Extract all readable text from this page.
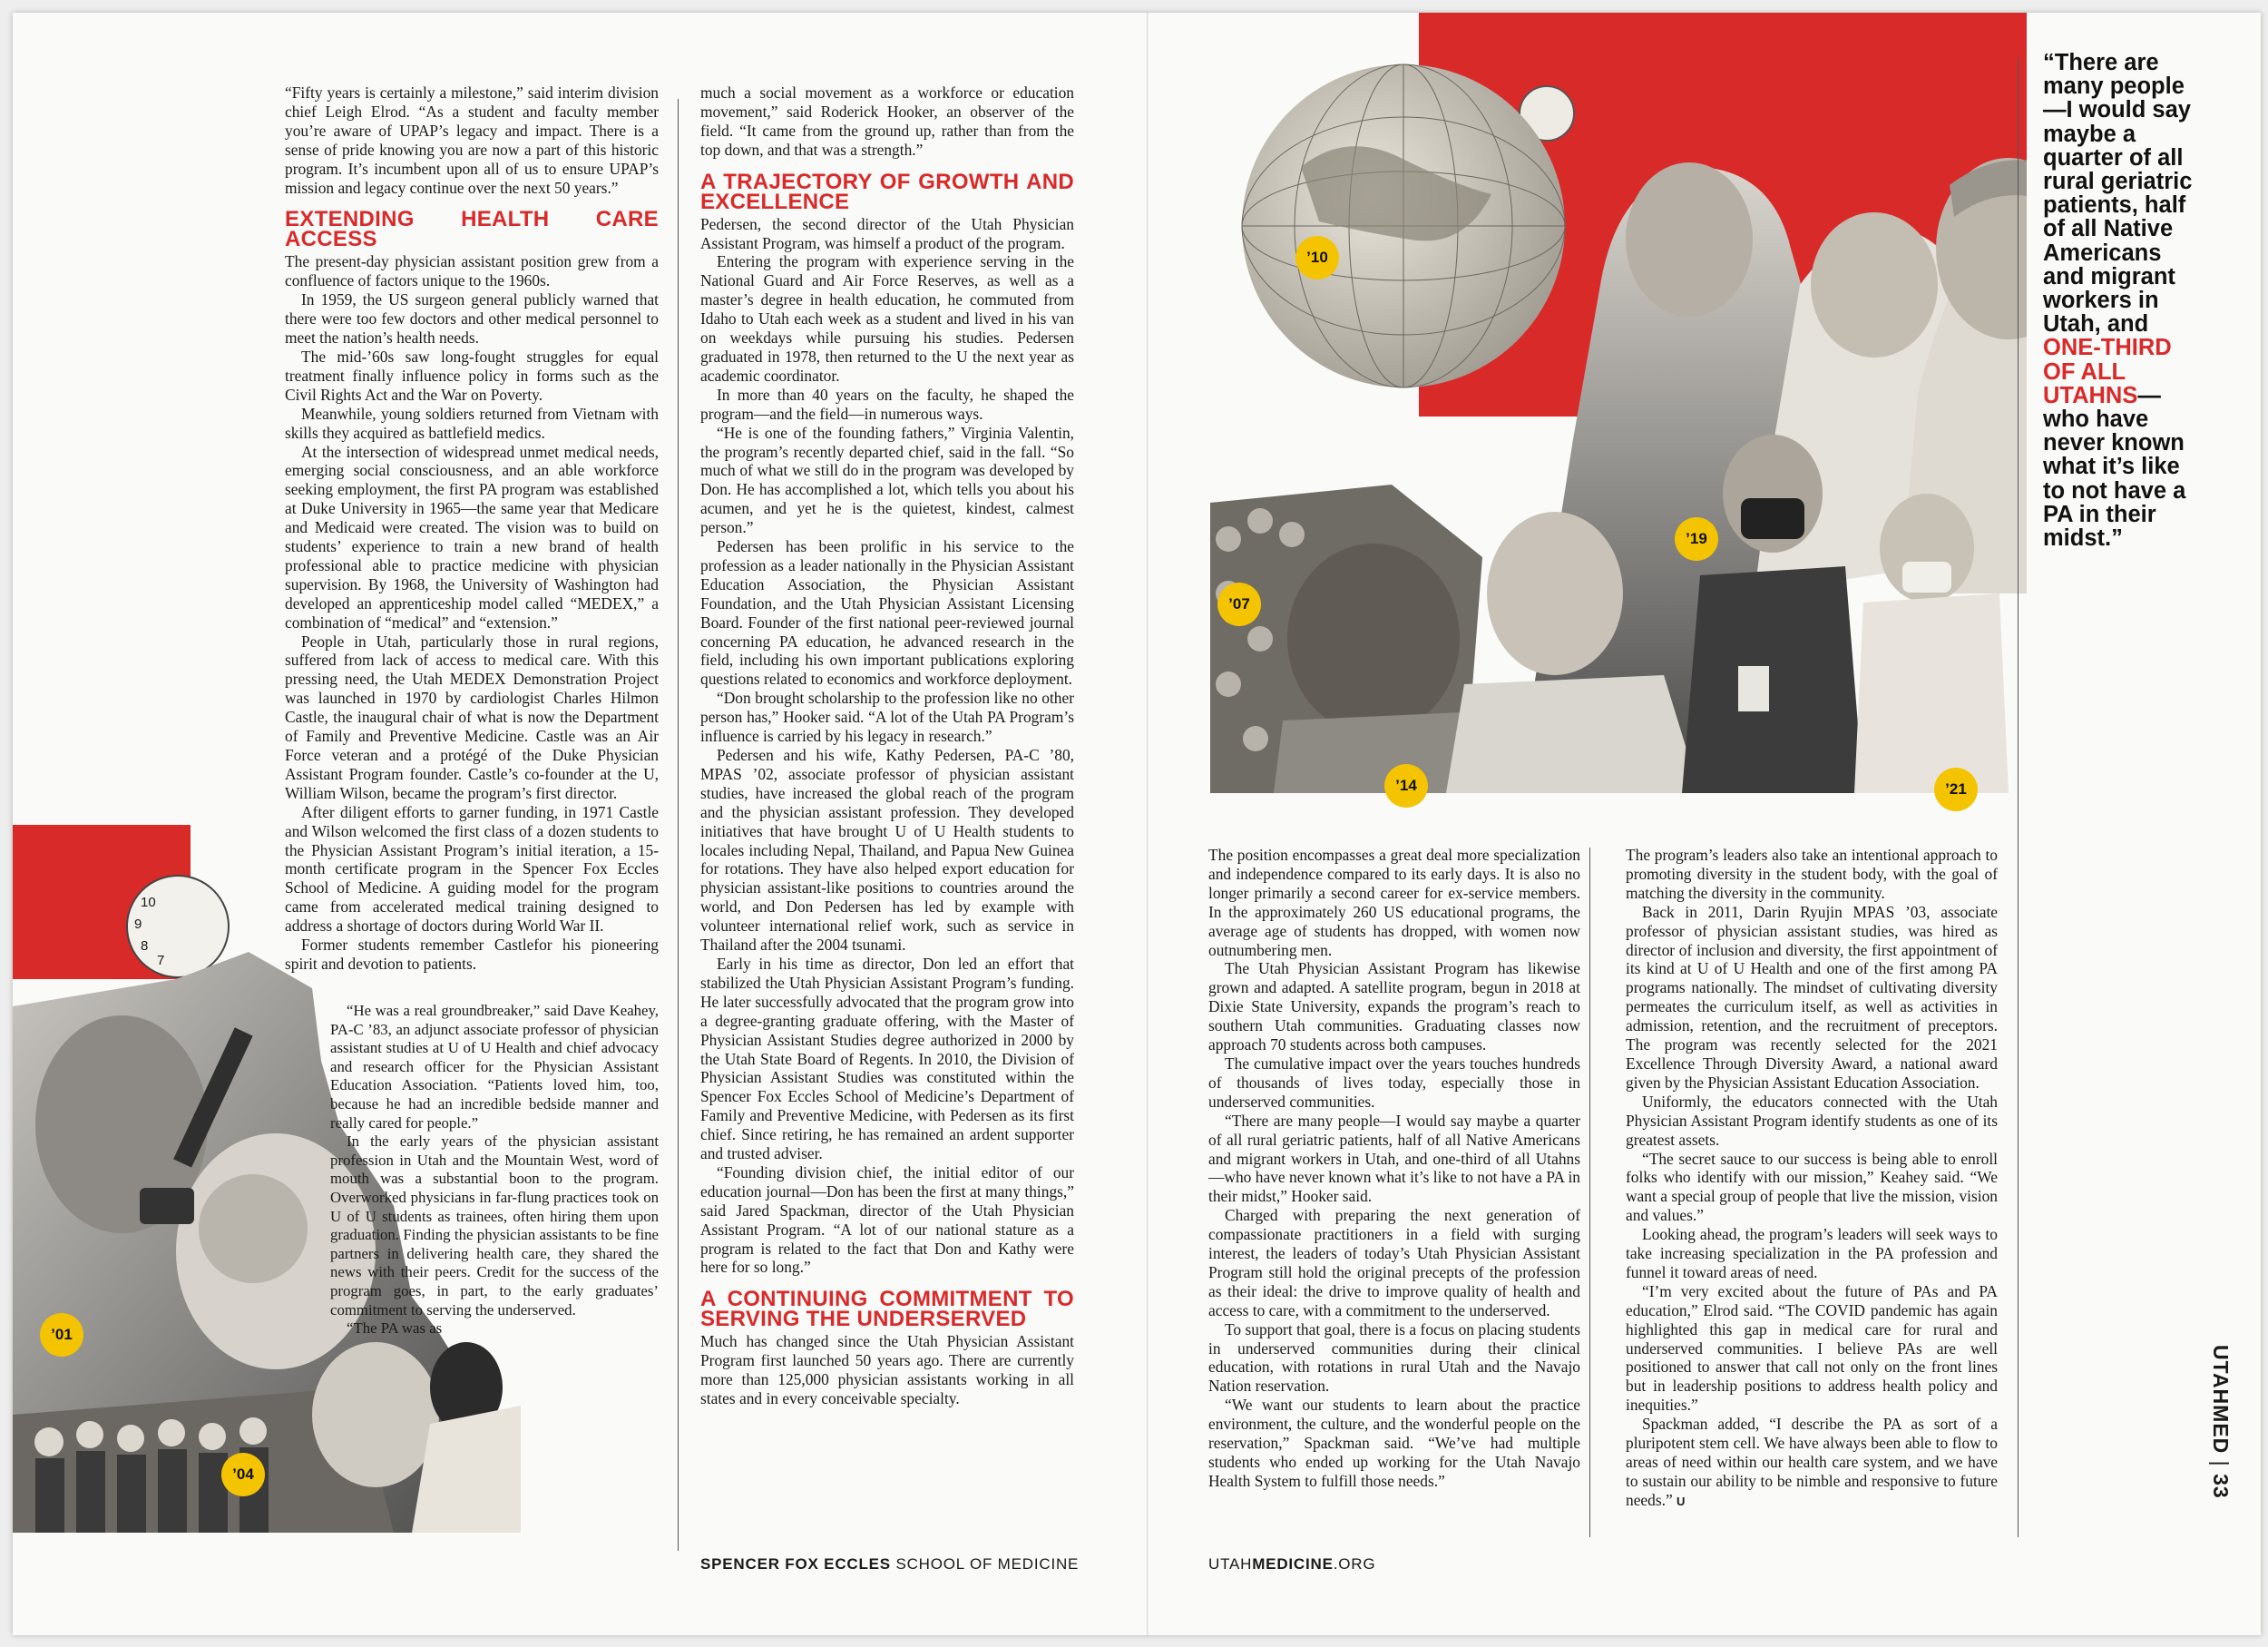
10
9
8
7
’01
’04
’10
’19
’07
’14	’21

“Fifty years is certainly a milestone,” said interim division chief Leigh Elrod. “As a student and faculty member you’re aware of UPAP’s legacy and impact. There is a sense of pride knowing you are now a part of this historic program. It’s incumbent upon all of us to ensure UPAP’s mission and legacy continue over the next 50 years.”

EXTENDING HEALTH CARE ACCESS

The present-day physician assistant position grew from a confluence of factors unique to the 1960s.

In 1959, the US surgeon general publicly warned that there were too few doctors and other medical personnel to meet the nation’s health needs.

The mid-’60s saw long-fought struggles for equal treatment finally influence policy in forms such as the Civil Rights Act and the War on Poverty.

Meanwhile, young soldiers returned from Vietnam with skills they acquired as battlefield medics.

At the intersection of widespread unmet medical needs, emerging social consciousness, and an able workforce seeking employment, the first PA program was established at Duke University in 1965—the same year that Medicare and Medicaid were created. The vision was to build on students’ experience to train a new brand of health professional able to practice medicine with physician supervision. By 1968, the University of Washington had developed an apprenticeship model called “MEDEX,” a combination of “medical” and “extension.”

People in Utah, particularly those in rural regions, suffered from lack of access to medical care. With this pressing need, the Utah MEDEX Demonstration Project was launched in 1970 by cardiologist Charles Hilmon Castle, the inaugural chair of what is now the Department of Family and Preventive Medicine. Castle was an Air Force veteran and a protégé of the Duke Physician Assistant Program founder. Castle’s co-founder at the U, William Wilson, became the program’s first director.

After diligent efforts to garner funding, in 1971 Castle and Wilson welcomed the first class of a dozen students to the Physician Assistant Program’s initial iteration, a 15-month certificate program in the Spencer Fox Eccles School of Medicine. A guiding model for the program came from accelerated medical training designed to address a shortage of doctors during World War II.

Former students remember Castlefor his pioneering spirit and devotion to patients.

“He was a real groundbreaker,” said Dave Keahey, PA-C ’83, an adjunct associate professor of physician assistant studies at U of U Health and chief advocacy and research officer for the Physician Assistant Education Association. “Patients loved him, too, because he had an incredible bedside manner and really cared for people.”

In the early years of the physician assistant profession in Utah and the Mountain West, word of mouth was a substantial boon to the program. Overworked physicians in far-flung practices took on U of U students as trainees, often hiring them upon graduation. Finding the physician assistants to be fine partners in delivering health care, they shared the news with their peers. Credit for the success of the program goes, in part, to the early graduates’ commitment to serving the underserved.

“The PA was as

much a social movement as a workforce or education movement,” said Roderick Hooker, an observer of the field. “It came from the ground up, rather than from the top down, and that was a strength.”

A TRAJECTORY OF GROWTH AND EXCELLENCE

Pedersen, the second director of the Utah Physician Assistant Program, was himself a product of the program.

Entering the program with experience serving in the National Guard and Air Force Reserves, as well as a master’s degree in health education, he commuted from Idaho to Utah each week as a student and lived in his van on weekdays while pursuing his studies. Pedersen graduated in 1978, then returned to the U the next year as academic coordinator.

In more than 40 years on the faculty, he shaped the program—and the field—in numerous ways.

“He is one of the founding fathers,” Virginia Valentin, the program’s recently departed chief, said in the fall. “So much of what we still do in the program was developed by Don. He has accomplished a lot, which tells you about his acumen, and yet he is the quietest, kindest, calmest person.”

Pedersen has been prolific in his service to the profession as a leader nationally in the Physician Assistant Education Association, the Physician Assistant Foundation, and the Utah Physician Assistant Licensing Board. Founder of the first national peer-reviewed journal concerning PA education, he advanced research in the field, including his own important publications exploring questions related to economics and workforce deployment.

“Don brought scholarship to the profession like no other person has,” Hooker said. “A lot of the Utah PA Program’s influence is carried by his legacy in research.”

Pedersen and his wife, Kathy Pedersen, PA-C ’80, MPAS ’02, associate professor of physician assistant studies, have increased the global reach of the program and the physician assistant profession. They developed initiatives that have brought U of U Health students to locales including Nepal, Thailand, and Papua New Guinea for rotations. They have also helped export education for physician assistant-like positions to countries around the world, and Don Pedersen has led by example with volunteer international relief work, such as service in Thailand after the 2004 tsunami.

Early in his time as director, Don led an effort that stabilized the Utah Physician Assistant Program’s funding. He later successfully advocated that the program grow into a degree-granting graduate offering, with the Master of Physician Assistant Studies degree authorized in 2000 by the Utah State Board of Regents. In 2010, the Division of Physician Assistant Studies was constituted within the Spencer Fox Eccles School of Medicine’s Department of Family and Preventive Medicine, with Pedersen as its first chief. Since retiring, he has remained an ardent supporter and trusted adviser.

“Founding division chief, the initial editor of our education journal—Don has been the first at many things,” said Jared Spackman, director of the Utah Physician Assistant Program. “A lot of our national stature as a program is related to the fact that Don and Kathy were here for so long.”

A CONTINUING COMMITMENT TO SERVING THE UNDERSERVED

Much has changed since the Utah Physician Assistant Program first launched 50 years ago. There are currently more than 125,000 physician assistants working in all states and in every conceivable specialty.

The position encompasses a great deal more specialization and independence compared to its early days. It is also no longer primarily a second career for ex-service members. In the approximately 260 US educational programs, the average age of students has dropped, with women now outnumbering men.

The Utah Physician Assistant Program has likewise grown and adapted. A satellite program, begun in 2018 at Dixie State University, expands the program’s reach to southern Utah communities. Graduating classes now approach 70 students across both campuses.

The cumulative impact over the years touches hundreds of thousands of lives today, especially those in underserved communities.

“There are many people—I would say maybe a quarter of all rural geriatric patients, half of all Native Americans and migrant workers in Utah, and one-third of all Utahns—who have never known what it’s like to not have a PA in their midst,” Hooker said.

Charged with preparing the next generation of compassionate practitioners in a field with surging interest, the leaders of today’s Utah Physician Assistant Program still hold the original precepts of the profession as their ideal: the drive to improve quality of health and access to care, with a commitment to the underserved.

To support that goal, there is a focus on placing students in underserved communities during their clinical education, with rotations in rural Utah and the Navajo Nation reservation.

“We want our students to learn about the practice environment, the culture, and the wonderful people on the reservation,” Spackman said. “We’ve had multiple students who ended up working for the Utah Navajo Health System to fulfill those needs.”

The program’s leaders also take an intentional approach to promoting diversity in the student body, with the goal of matching the diversity in the community.

Back in 2011, Darin Ryujin MPAS ’03, associate professor of physician assistant studies, was hired as director of inclusion and diversity, the first appointment of its kind at U of U Health and one of the first among PA programs nationally. The mindset of cultivating diversity permeates the curriculum itself, as well as activities in admission, retention, and the recruitment of preceptors. The program was recently selected for the 2021 Excellence Through Diversity Award, a national award given by the Physician Assistant Education Association.

Uniformly, the educators connected with the Utah Physician Assistant Program identify students as one of its greatest assets.

“The secret sauce to our success is being able to enroll folks who identify with our mission,” Keahey said. “We want a special group of people that live the mission, vision and values.”

Looking ahead, the program’s leaders will seek ways to take increasing specialization in the PA profession and funnel it toward areas of need.

“I’m very excited about the future of PAs and PA education,” Elrod said. “The COVID pandemic has again highlighted this gap in medical care for rural and underserved communities. I believe PAs are well positioned to answer that call not only on the front lines but in leadership positions to address health policy and inequities.”

Spackman added, “I describe the PA as sort of a pluripotent stem cell. We have always been able to flow to areas of need within our health care system, and we have to sustain our ability to be nimble and responsive to future needs.” U

“There are many people—I would say maybe a quarter of all rural geriatric patients, half of all Native Americans and migrant workers in Utah, and ONE-THIRD OF ALL UTAHNS—who have never known what it’s like to not have a PA in their midst.”
SPENCER FOX ECCLES SCHOOL OF MEDICINE	UTAHMEDICINE.ORG
UTAHMED | 33
